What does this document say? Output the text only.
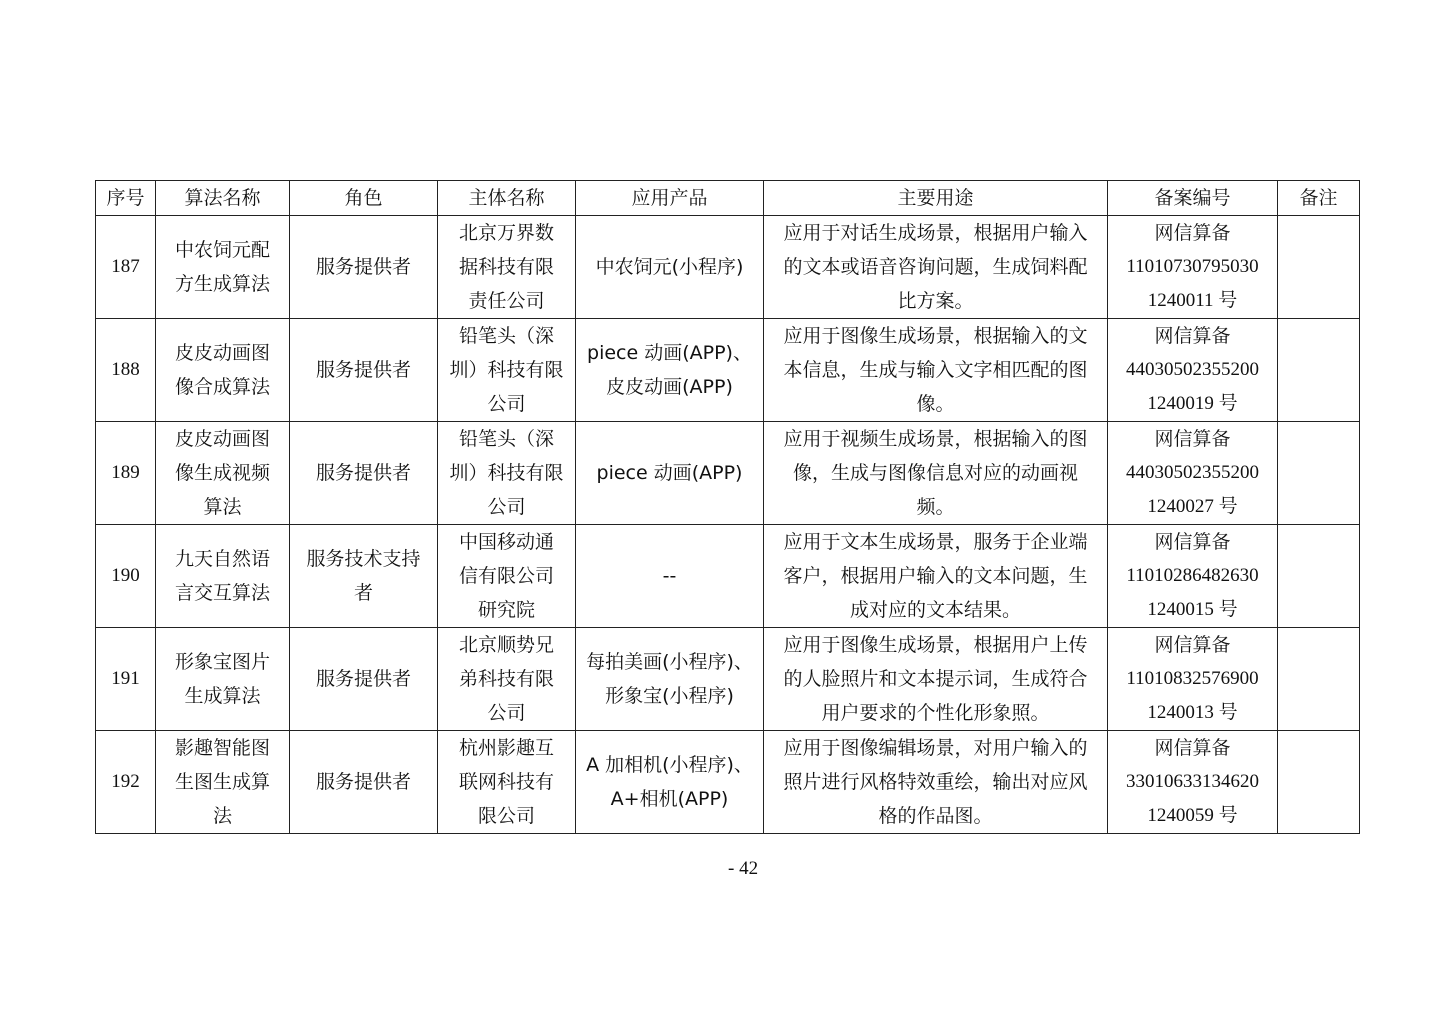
序号	算法名称	角色	主体名称	应用产品	主要用途	备案编号	备注
187	中农饲元配
方生成算法	服务提供者	北京万界数
据科技有限
责任公司	中农饲元(小程序)	应用于对话生成场景，根据用户输入
的文本或语音咨询问题，生成饲料配
比方案。	网信算备
11010730795030
1240011 号	

188	皮皮动画图
像合成算法	服务提供者	铅笔头（深
圳）科技有限
公司	piece 动画(APP)、
皮皮动画(APP)	应用于图像生成场景，根据输入的文
本信息，生成与输入文字相匹配的图
像。	网信算备
44030502355200
1240019 号	

189	皮皮动画图
像生成视频
算法	服务提供者	铅笔头（深
圳）科技有限
公司	piece 动画(APP)	应用于视频生成场景，根据输入的图
像，生成与图像信息对应的动画视
频。	网信算备
44030502355200
1240027 号	

190	九天自然语
言交互算法	服务技术支持
者	中国移动通
信有限公司
研究院	--	应用于文本生成场景，服务于企业端
客户，根据用户输入的文本问题，生
成对应的文本结果。	网信算备
11010286482630
1240015 号	

191	形象宝图片
生成算法	服务提供者	北京顺势兄
弟科技有限
公司	每拍美画(小程序)、
形象宝(小程序)	应用于图像生成场景，根据用户上传
的人脸照片和文本提示词，生成符合
用户要求的个性化形象照。	网信算备
11010832576900
1240013 号	

192	影趣智能图
生图生成算
法	服务提供者	杭州影趣互
联网科技有
限公司	A 加相机(小程序)、
A+相机(APP)	应用于图像编辑场景，对用户输入的
照片进行风格特效重绘，输出对应风
格的作品图。	网信算备
33010633134620
1240059 号	

- 42
